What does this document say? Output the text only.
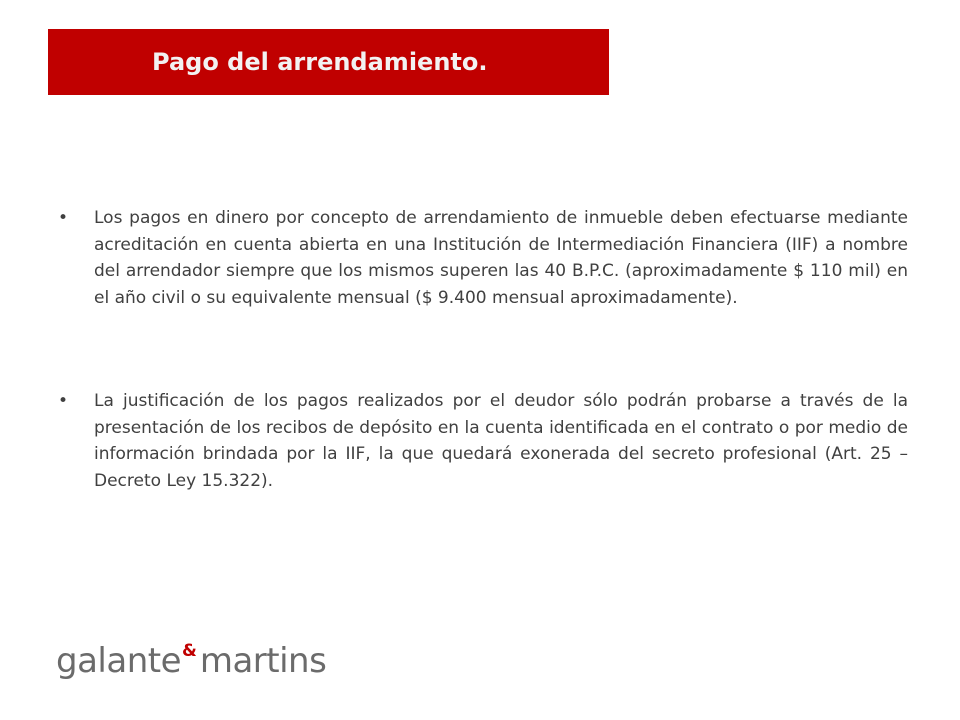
Pago del arrendamiento.
• Los pagos en dinero por concepto de arrendamiento de inmueble deben efectuarse mediante acreditación en cuenta abierta en una Institución de Intermediación Financiera (IIF) a nombre del arrendador siempre que los mismos superen las 40 B.P.C. (aproximadamente $ 110 mil) en el año civil o su equivalente mensual ($ 9.400 mensual aproximadamente).
• La justificación de los pagos realizados por el deudor sólo podrán probarse a través de la presentación de los recibos de depósito en la cuenta identificada en el contrato o por medio de información brindada por la IIF, la que quedará exonerada del secreto profesional (Art. 25 – Decreto Ley 15.322).
galante&martins
